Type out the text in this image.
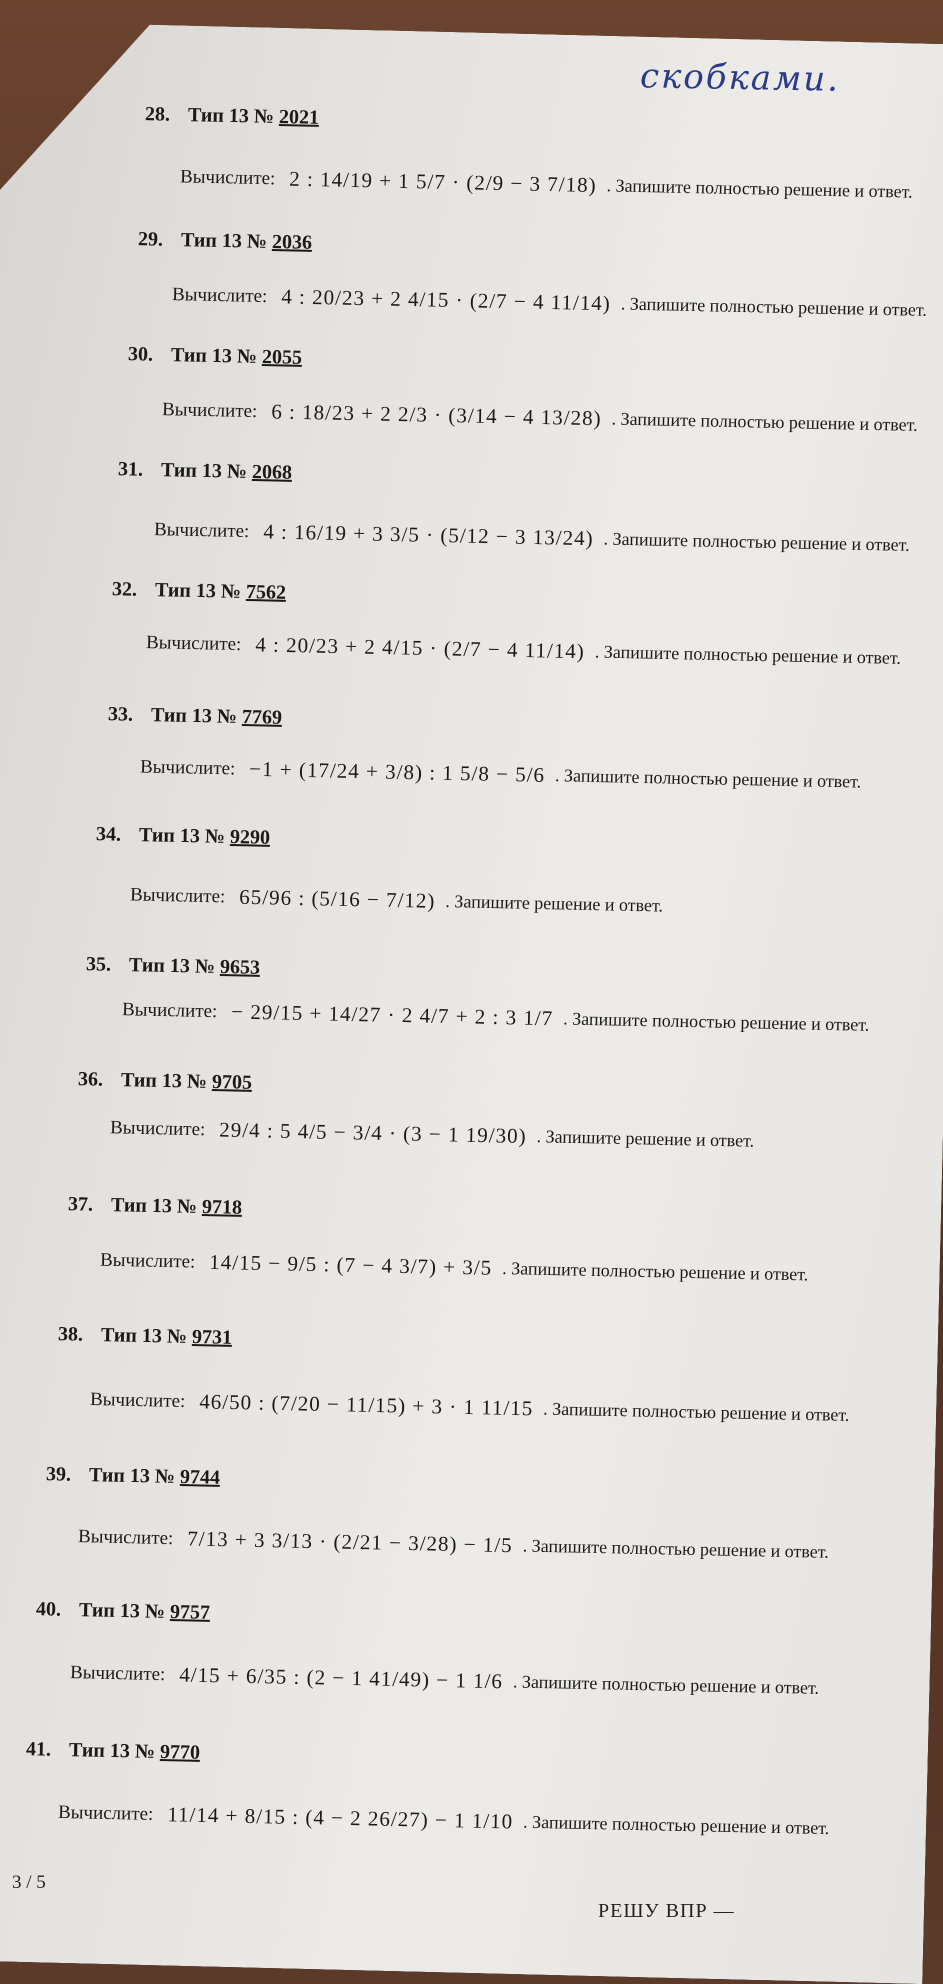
скобками.
28. Тип 13 № 2021
Вычислите: 2 : 14/19 + 1 5/7 · (2/9 − 3 7/18) . Запишите полностью решение и ответ.
29. Тип 13 № 2036
Вычислите: 4 : 20/23 + 2 4/15 · (2/7 − 4 11/14) . Запишите полностью решение и ответ.
30. Тип 13 № 2055
Вычислите: 6 : 18/23 + 2 2/3 · (3/14 − 4 13/28) . Запишите полностью решение и ответ.
31. Тип 13 № 2068
Вычислите: 4 : 16/19 + 3 3/5 · (5/12 − 3 13/24) . Запишите полностью решение и ответ.
32. Тип 13 № 7562
Вычислите: 4 : 20/23 + 2 4/15 · (2/7 − 4 11/14) . Запишите полностью решение и ответ.
33. Тип 13 № 7769
Вычислите: −1 + (17/24 + 3/8) : 1 5/8 − 5/6 . Запишите полностью решение и ответ.
34. Тип 13 № 9290
Вычислите: 65/96 : (5/16 − 7/12) . Запишите решение и ответ.
35. Тип 13 № 9653
Вычислите: − 29/15 + 14/27 · 2 4/7 + 2 : 3 1/7 . Запишите полностью решение и ответ.
36. Тип 13 № 9705
Вычислите: 29/4 : 5 4/5 − 3/4 · (3 − 1 19/30) . Запишите решение и ответ.
37. Тип 13 № 9718
Вычислите: 14/15 − 9/5 : (7 − 4 3/7) + 3/5 . Запишите полностью решение и ответ.
38. Тип 13 № 9731
Вычислите: 46/50 : (7/20 − 11/15) + 3 · 1 11/15 . Запишите полностью решение и ответ.
39. Тип 13 № 9744
Вычислите: 7/13 + 3 3/13 · (2/21 − 3/28) − 1/5 . Запишите полностью решение и ответ.
40. Тип 13 № 9757
Вычислите: 4/15 + 6/35 : (2 − 1 41/49) − 1 1/6 . Запишите полностью решение и ответ.
41. Тип 13 № 9770
Вычислите: 11/14 + 8/15 : (4 − 2 26/27) − 1 1/10 . Запишите полностью решение и ответ.
3 / 5
РЕШУ ВПР —
